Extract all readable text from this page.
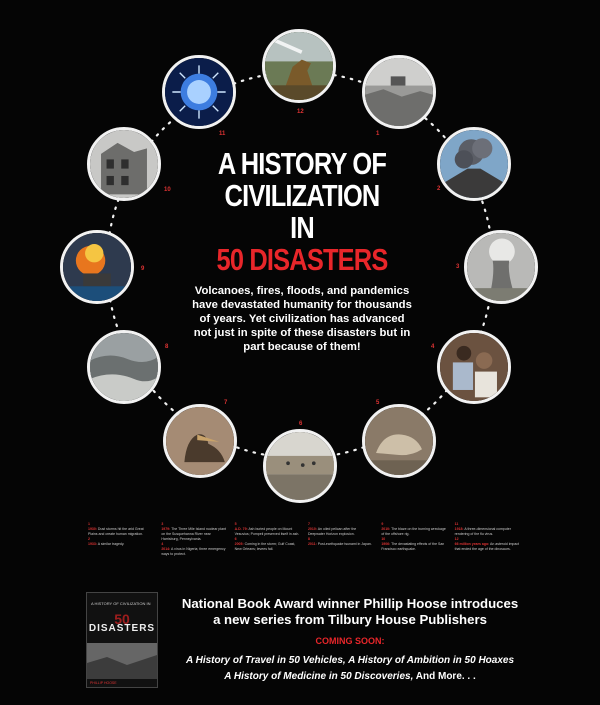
12
1
2
3
4
5
6
7
8
9
10
11
A HISTORY OF
CIVILIZATION IN
50 DISASTERS
Volcanoes, fires, floods, and pandemics have devastated humanity for thousands of years. Yet civilization has advanced not just in spite of these disasters but in part because of them!
1
1930: Dust storms hit the arid Great Plains and create human migration.
2
1933: A similar tragedy.
3
1979: The Three Mile Island nuclear plant on the Susquehanna River near Harrisburg, Pennsylvania.
4
2014: A virus in Nigeria; three emergency ways to protect.
5
A.D. 79: Ash buried people on Mount Vesuvius; Pompeii preserved itself in ash.
6
2005: Coming in the storm; Gulf Coast, New Orleans; levees fail.
7
2010: An oiled pelican after the Deepwater Horizon explosion.
8
2011: Post-earthquake tsunami in Japan.
9
2010: The blaze on the burning wreckage of the offshore rig.
10
1906: The devastating effects of the San Francisco earthquake.
11
1918: A three-dimensional computer rendering of the flu virus.
12
66 million years ago: An asteroid impact that ended the age of the dinosaurs.
A HISTORY OF CIVILIZATION IN
50
DISASTERS
PHILLIP HOOSE
National Book Award winner Phillip Hoose introduces
a new series from Tilbury House Publishers
COMING SOON:
A History of Travel in 50 Vehicles, A History of Ambition in 50 Hoaxes
A History of Medicine in 50 Discoveries, And More. . .
